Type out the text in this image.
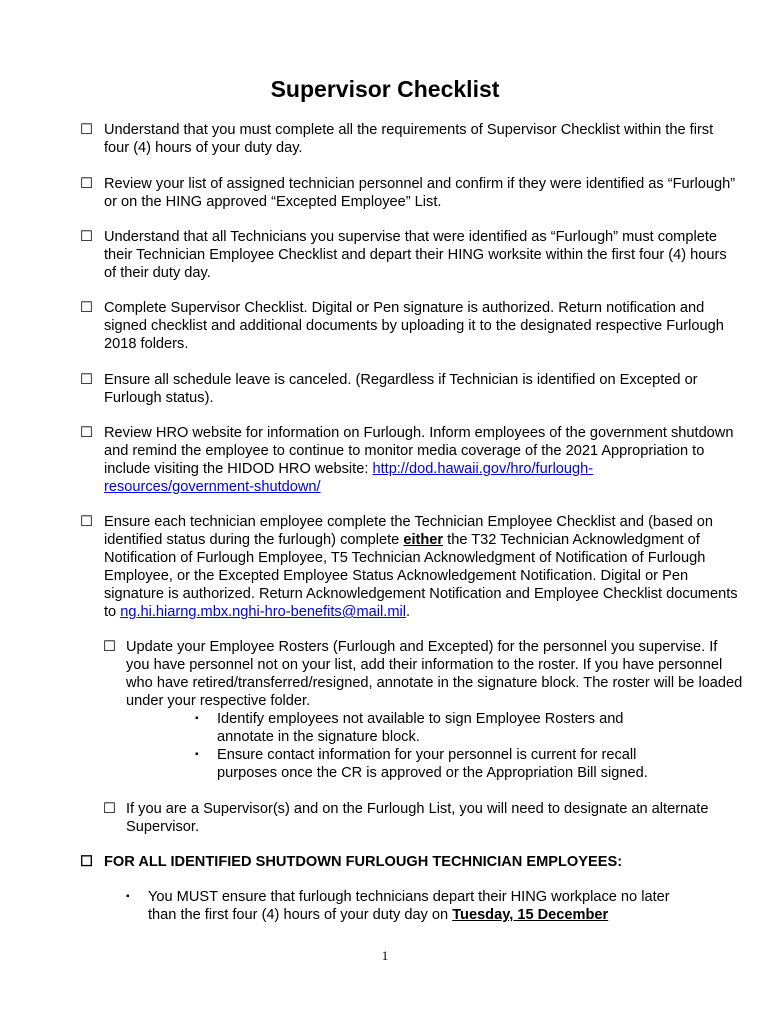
Supervisor Checklist
☐ Understand that you must complete all the requirements of Supervisor Checklist within the first four (4) hours of your duty day.
☐ Review your list of assigned technician personnel and confirm if they were identified as “Furlough” or on the HING approved “Excepted Employee” List.
☐ Understand that all Technicians you supervise that were identified as “Furlough” must complete their Technician Employee Checklist and depart their HING worksite within the first four (4) hours of their duty day.
☐ Complete Supervisor Checklist. Digital or Pen signature is authorized. Return notification and signed checklist and additional documents by uploading it to the designated respective Furlough 2018 folders.
☐ Ensure all schedule leave is canceled. (Regardless if Technician is identified on Excepted or Furlough status).
☐ Review HRO website for information on Furlough. Inform employees of the government shutdown and remind the employee to continue to monitor media coverage of the 2021 Appropriation to include visiting the HIDOD HRO website: http://dod.hawaii.gov/hro/furlough-resources/government-shutdown/
☐ Ensure each technician employee complete the Technician Employee Checklist and (based on identified status during the furlough) complete either the T32 Technician Acknowledgment of Notification of Furlough Employee, T5 Technician Acknowledgment of Notification of Furlough Employee, or the Excepted Employee Status Acknowledgement Notification. Digital or Pen signature is authorized. Return Acknowledgement Notification and Employee Checklist documents to ng.hi.hiarng.mbx.nghi-hro-benefits@mail.mil.
☐ Update your Employee Rosters (Furlough and Excepted) for the personnel you supervise. If you have personnel not on your list, add their information to the roster. If you have personnel who have retired/transferred/resigned, annotate in the signature block. The roster will be loaded under your respective folder.
▪ Identify employees not available to sign Employee Rosters and annotate in the signature block.
▪ Ensure contact information for your personnel is current for recall purposes once the CR is approved or the Appropriation Bill signed.
☐ If you are a Supervisor(s) and on the Furlough List, you will need to designate an alternate Supervisor.
☐ FOR ALL IDENTIFIED SHUTDOWN FURLOUGH TECHNICIAN EMPLOYEES:
▪ You MUST ensure that furlough technicians depart their HING workplace no later than the first four (4) hours of your duty day on Tuesday, 15 December
1
